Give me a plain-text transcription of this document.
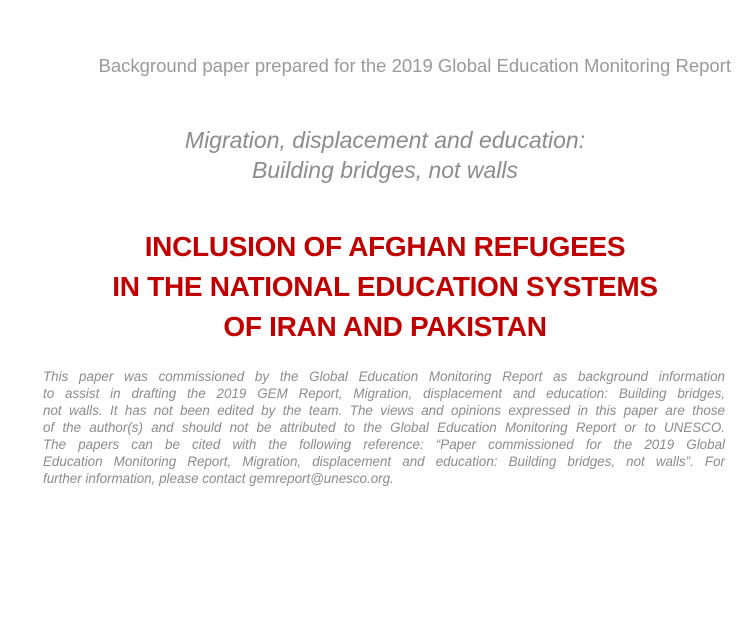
Background paper prepared for the 2019 Global Education Monitoring Report
Migration, displacement and education:
Building bridges, not walls
INCLUSION OF AFGHAN REFUGEES
IN THE NATIONAL EDUCATION SYSTEMS
OF IRAN AND PAKISTAN
This paper was commissioned by the Global Education Monitoring Report as background information
to assist in drafting the 2019 GEM Report, Migration, displacement and education: Building bridges,
not walls. It has not been edited by the team. The views and opinions expressed in this paper are those
of the author(s) and should not be attributed to the Global Education Monitoring Report or to UNESCO.
The papers can be cited with the following reference: “Paper commissioned for the 2019 Global
Education Monitoring Report, Migration, displacement and education: Building bridges, not walls”. For
further information, please contact gemreport@unesco.org.
